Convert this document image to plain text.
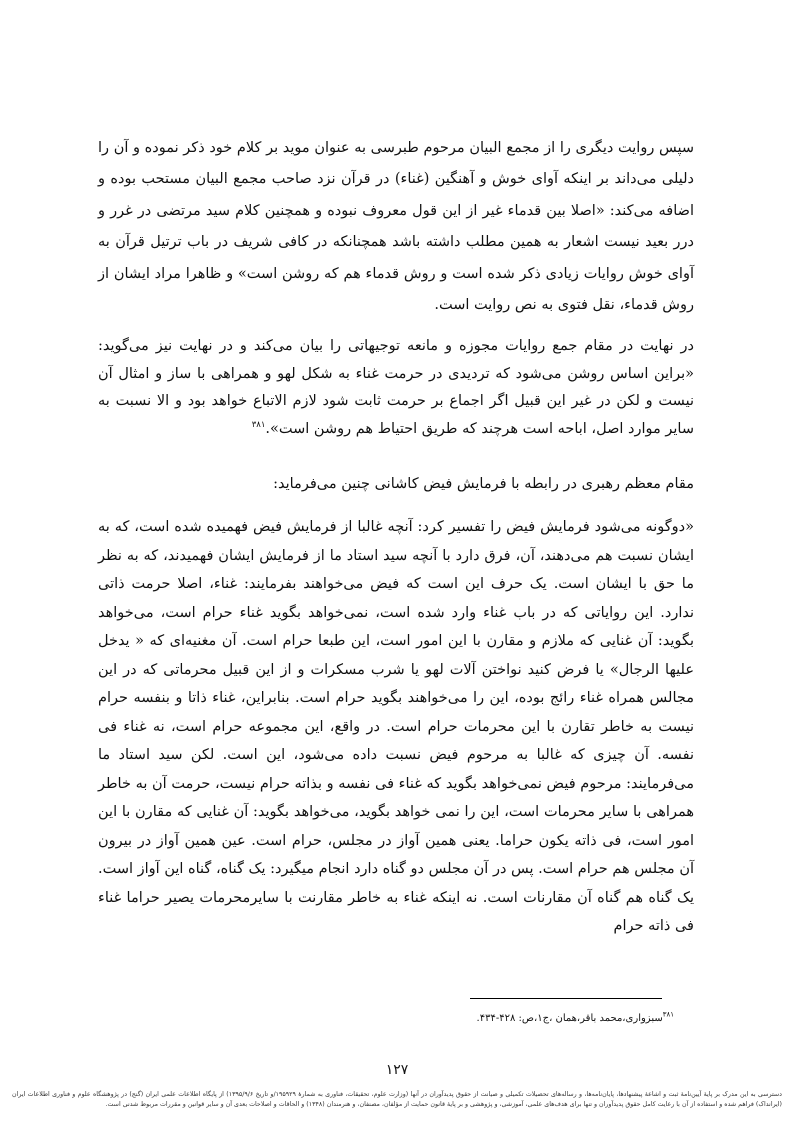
سپس روایت دیگری را از مجمع البیان مرحوم طبرسی به عنوان موید بر کلام خود ذکر نموده و آن را دلیلی می‌داند بر اینکه آوای خوش و آهنگین (غناء) در قرآن نزد صاحب مجمع البیان مستحب بوده و اضافه می‌کند: «اصلا بین قدماء غیر از این قول معروف نبوده و همچنین کلام سید مرتضی در غرر و درر بعید نیست اشعار به همین مطلب داشته باشد همچنانکه در کافی شریف در باب ترتیل قرآن به آوای خوش روایات زیادی ذکر شده است و روش قدماء هم که روشن است» و ظاهرا مراد ایشان از روش قدماء، نقل فتوی به نص روایت است.

در نهایت در مقام جمع روایات مجوزه و مانعه توجیهاتی را بیان می‌کند و در نهایت نیز می‌گوید: «براین اساس روشن می‌شود که تردیدی در حرمت غناء به شکل لهو و همراهی با ساز و امثال آن نیست و لکن در غیر این قبیل اگر اجماع بر حرمت ثابت شود لازم الاتباع خواهد بود و الا نسبت به سایر موارد اصل، اباحه است هرچند که طریق احتیاط هم روشن است».$^{۳۸۱}$

مقام معظم رهبری در رابطه با فرمایش فیض کاشانی چنین می‌فرماید:

«دوگونه می‌شود فرمایش فیض را تفسیر کرد: آنچه غالبا از فرمایش فیض فهمیده شده است، که به ایشان نسبت هم می‌دهند، آن، فرق دارد با آنچه سید استاد ما از فرمایش ایشان فهمیدند، که به نظر ما حق با ایشان است. یک حرف این است که فیض می‌خواهند بفرمایند: غناء، اصلا حرمت ذاتی ندارد. این روایاتی که در باب غناء وارد شده است، نمی‌خواهد بگوید غناء حرام است، می‌خواهد بگوید: آن غنایی که ملازم و مقارن با این امور است، این طبعا حرام است. آن مغنیه‌ای که « یدخل علیها الرجال» یا فرض کنید نواختن آلات لهو یا شرب مسکرات و از این قبیل محرماتی که در این مجالس همراه غناء رائج بوده، این را می‌خواهند بگوید حرام است. بنابراین، غناء ذاتا و بنفسه حرام نیست به خاطر تقارن با این محرمات حرام است. در واقع، این مجموعه حرام است، نه غناء فی نفسه. آن چیزی که غالبا به مرحوم فیض نسبت داده می‌شود، این است. لکن سید استاد ما می‌فرمایند: مرحوم فیض نمی‌خواهد بگوید که غناء فی نفسه و بذاته حرام نیست، حرمت آن به خاطر همراهی با سایر محرمات است، این را نمی خواهد بگوید، می‌خواهد بگوید: آن غنایی که مقارن با این امور است، فی ذاته یکون حراما. یعنی همین آواز در مجلس، حرام است. عین همین آواز در بیرون آن مجلس هم حرام است. پس در آن مجلس دو گناه دارد انجام میگیرد: یک گناه، گناه این آواز است. یک گناه هم گناه آن مقارنات است. نه اینکه غناء به خاطر مقارنت با سایرمحرمات یصیر حراما غناء فی ذاته حرام

$^{۳۸۱}$سبزواری،محمد باقر،همان ،ج۱،ص: ۴۲۸-۴۳۴.

۱۲۷

دسترسی به این مدرک بر پایهٔ آیین‌نامهٔ ثبت و اشاعهٔ پیشنهادها، پایان‌نامه‌ها، و رساله‌های تحصیلات تکمیلی و صیانت از حقوق پدیدآوران در آنها (وزارت علوم، تحقیقات، فناوری به شمارهٔ ۱۹۵۹۲۹/و تاریخ ۱۳۹۵/۹/۶) از پایگاه اطلاعات علمی ایران (گنج) در پژوهشگاه علوم و فناوری اطلاعات ایران (ایرانداک) فراهم شده و استفاده از آن با رعایت کامل حقوق پدیدآوران و تنها برای هدف‌های علمی، آموزشی، و پژوهشی و بر پایهٔ قانون حمایت از مؤلفان، مصنفان، و هنرمندان (۱۳۴۸) و الحاقات و اصلاحات بعدی آن و سایر قوانین و مقررات مربوط شدنی است.
